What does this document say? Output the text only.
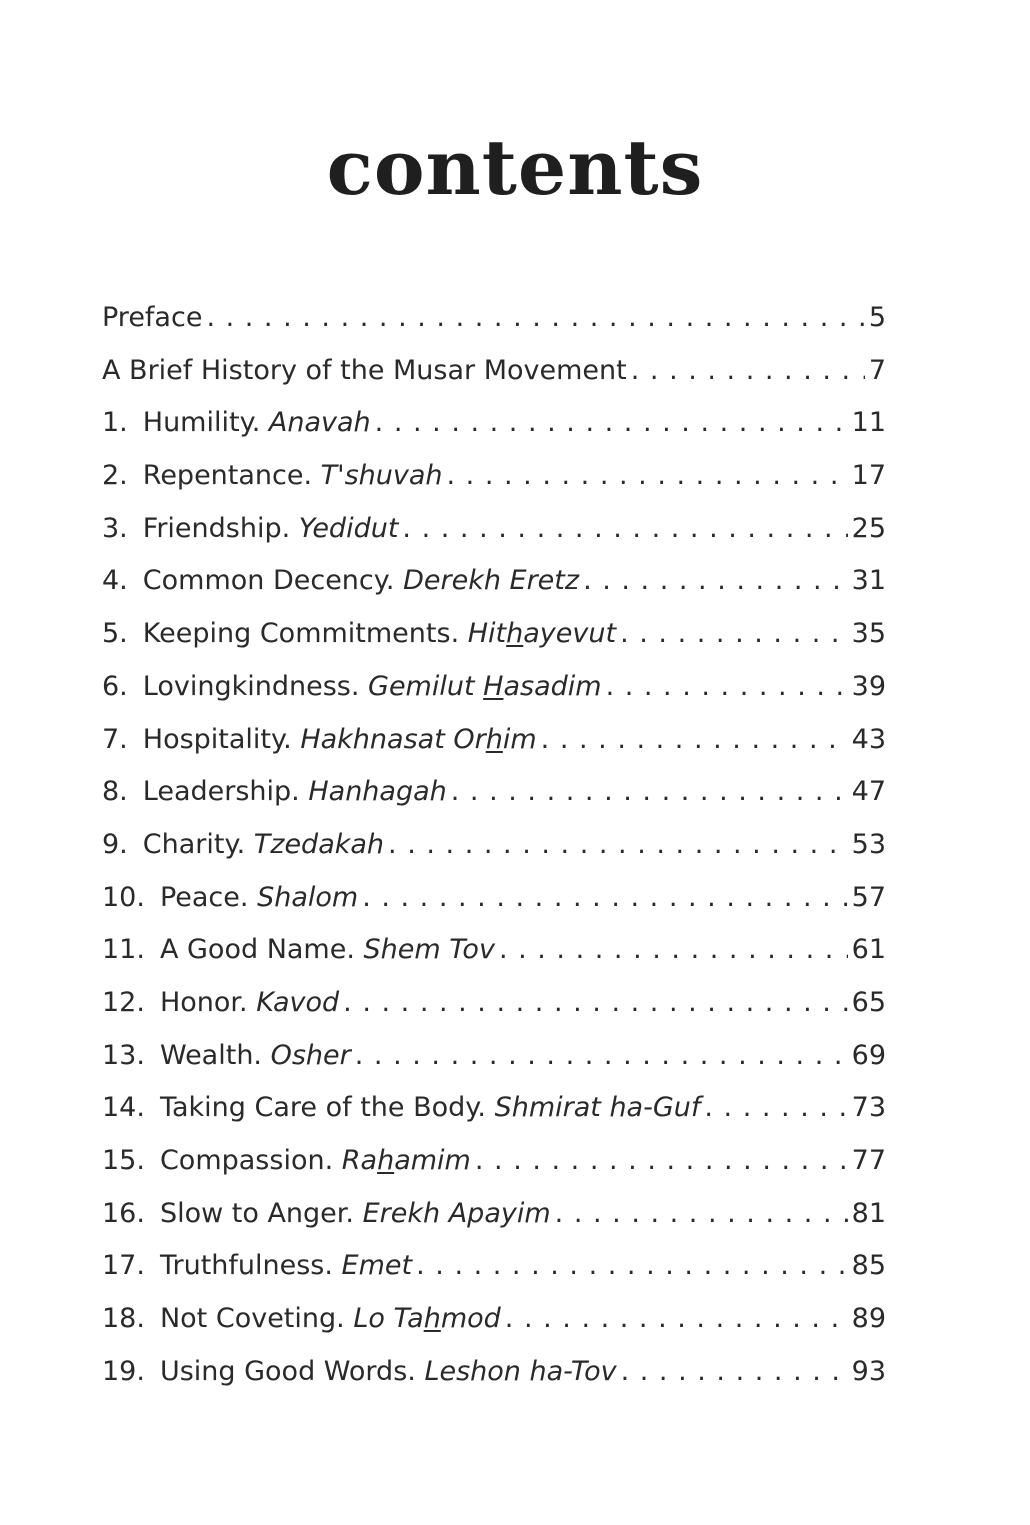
contents
Preface . . .	5
A Brief History of the Musar Movement . . .	7
1. Humility. Anavah . . .	11
2. Repentance. T'shuvah . . .	17
3. Friendship. Yedidut . . .	25
4. Common Decency. Derekh Eretz . . .	31
5. Keeping Commitments. Hithayevut . . .	35
6. Lovingkindness. Gemilut Hasadim . . .	39
7. Hospitality. Hakhnasat Orhim . . .	43
8. Leadership. Hanhagah . . .	47
9. Charity. Tzedakah . . .	53
10. Peace. Shalom . . .	57
11. A Good Name. Shem Tov . . .	61
12. Honor. Kavod . . .	65
13. Wealth. Osher . . .	69
14. Taking Care of the Body. Shmirat ha-Guf . . .	73
15. Compassion. Rahamim . . .	77
16. Slow to Anger. Erekh Apayim . . .	81
17. Truthfulness. Emet . . .	85
18. Not Coveting. Lo Tahmod . . .	89
19. Using Good Words. Leshon ha-Tov . . .	93
